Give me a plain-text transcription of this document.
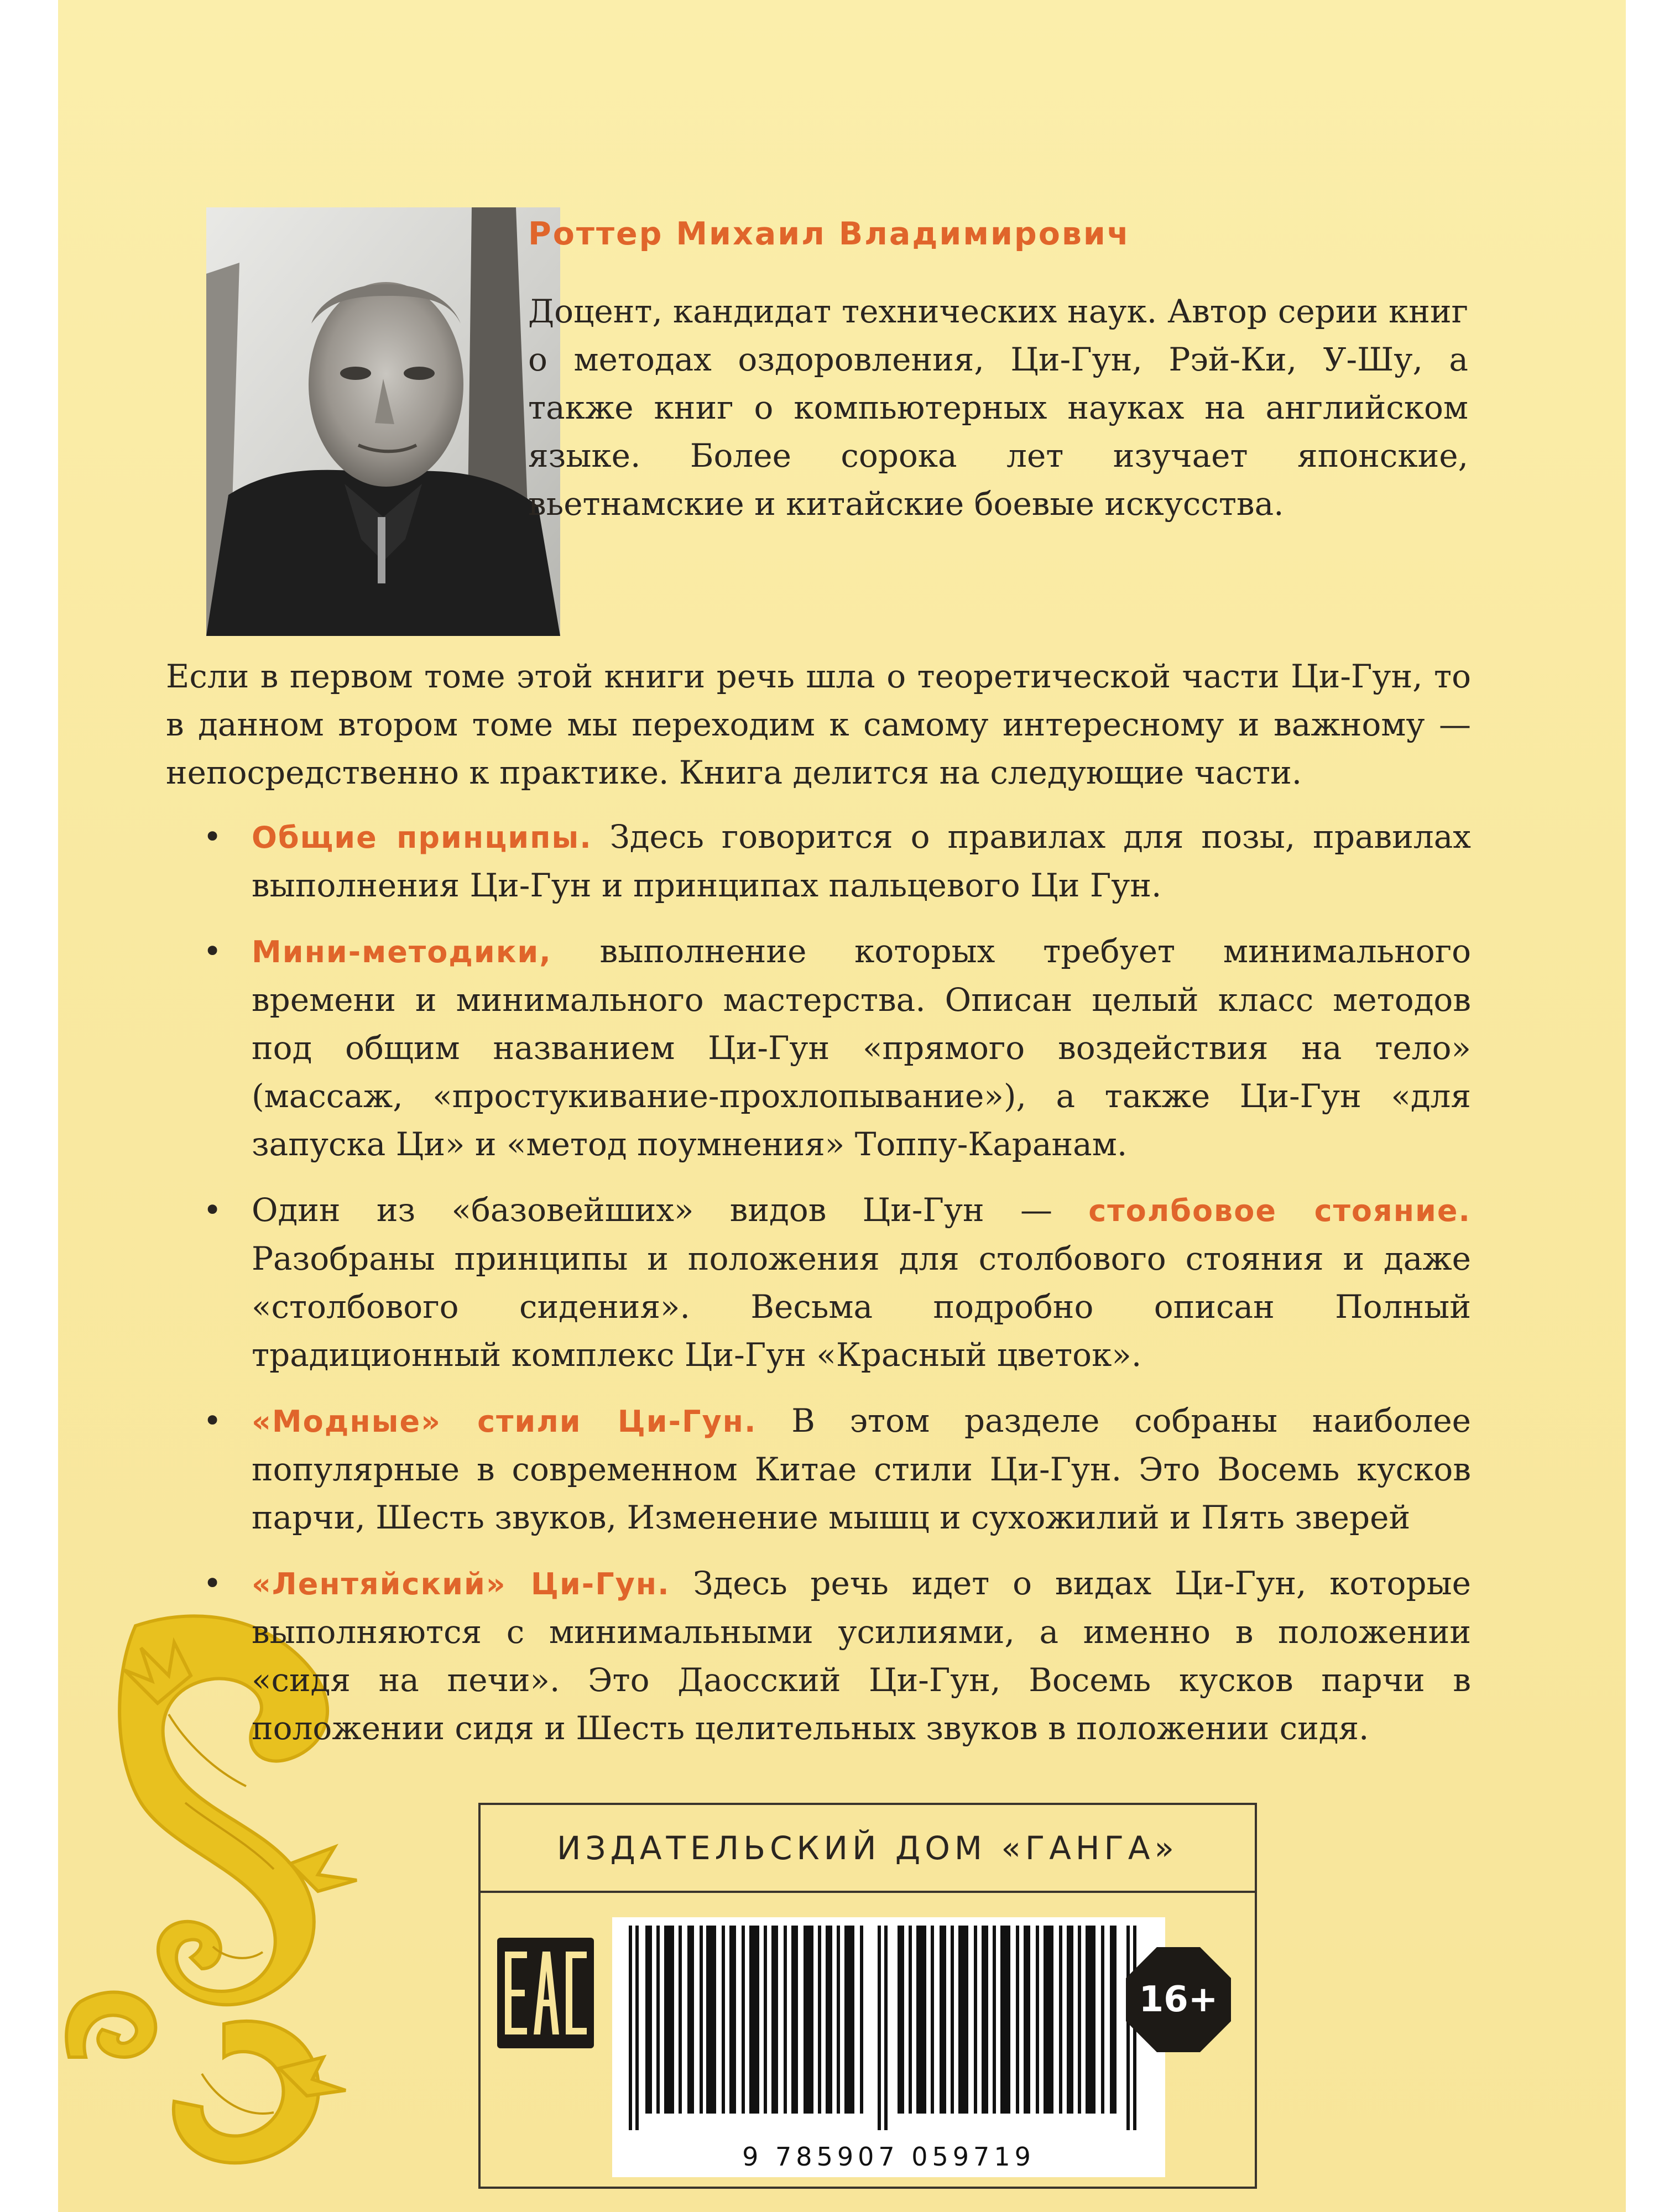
Роттер Михаил Владимирович
Доцент, кандидат технических наук. Автор серии книг о методах оздоровления, Ци-Гун, Рэй-Ки, У-Шу, а также книг о компьютерных науках на английском языке. Более сорока лет изучает японские, вьетнамские и китайские боевые искусства.
Если в первом томе этой книги речь шла о теоретической части Ци-Гун, то в данном втором томе мы переходим к самому интересному и важному — непосредственно к практике. Книга делится на следующие части.
• Общие принципы. Здесь говорится о правилах для позы, правилах выполнения Ци-Гун и принципах пальцевого Ци Гун.
• Мини-методики, выполнение которых требует минимального времени и минимального мастерства. Описан целый класс методов под общим названием Ци-Гун «прямого воздействия на тело» (массаж, «простукивание-прохлопывание»), а также Ци-Гун «для запуска Ци» и «метод поумнения» Топпу-Каранам.
• Один из «базовейших» видов Ци-Гун — столбовое стояние. Разобраны принципы и положения для столбового стояния и даже «столбового сидения». Весьма подробно описан Полный традиционный комплекс Ци-Гун «Красный цветок».
• «Модные» стили Ци-Гун. В этом разделе собраны наиболее популярные в современном Китае стили Ци-Гун. Это Восемь кусков парчи, Шесть звуков, Изменение мышц и сухожилий и Пять зверей
• «Лентяйский» Ци-Гун. Здесь речь идет о видах Ци-Гун, которые выполняются с минимальными усилиями, а именно в положении «сидя на печи». Это Даосский Ци-Гун, Восемь кусков парчи в положении сидя и Шесть целительных звуков в положении сидя.
ИЗДАТЕЛЬСКИЙ ДОМ «ГАНГА»
9 785907 059719
16+
